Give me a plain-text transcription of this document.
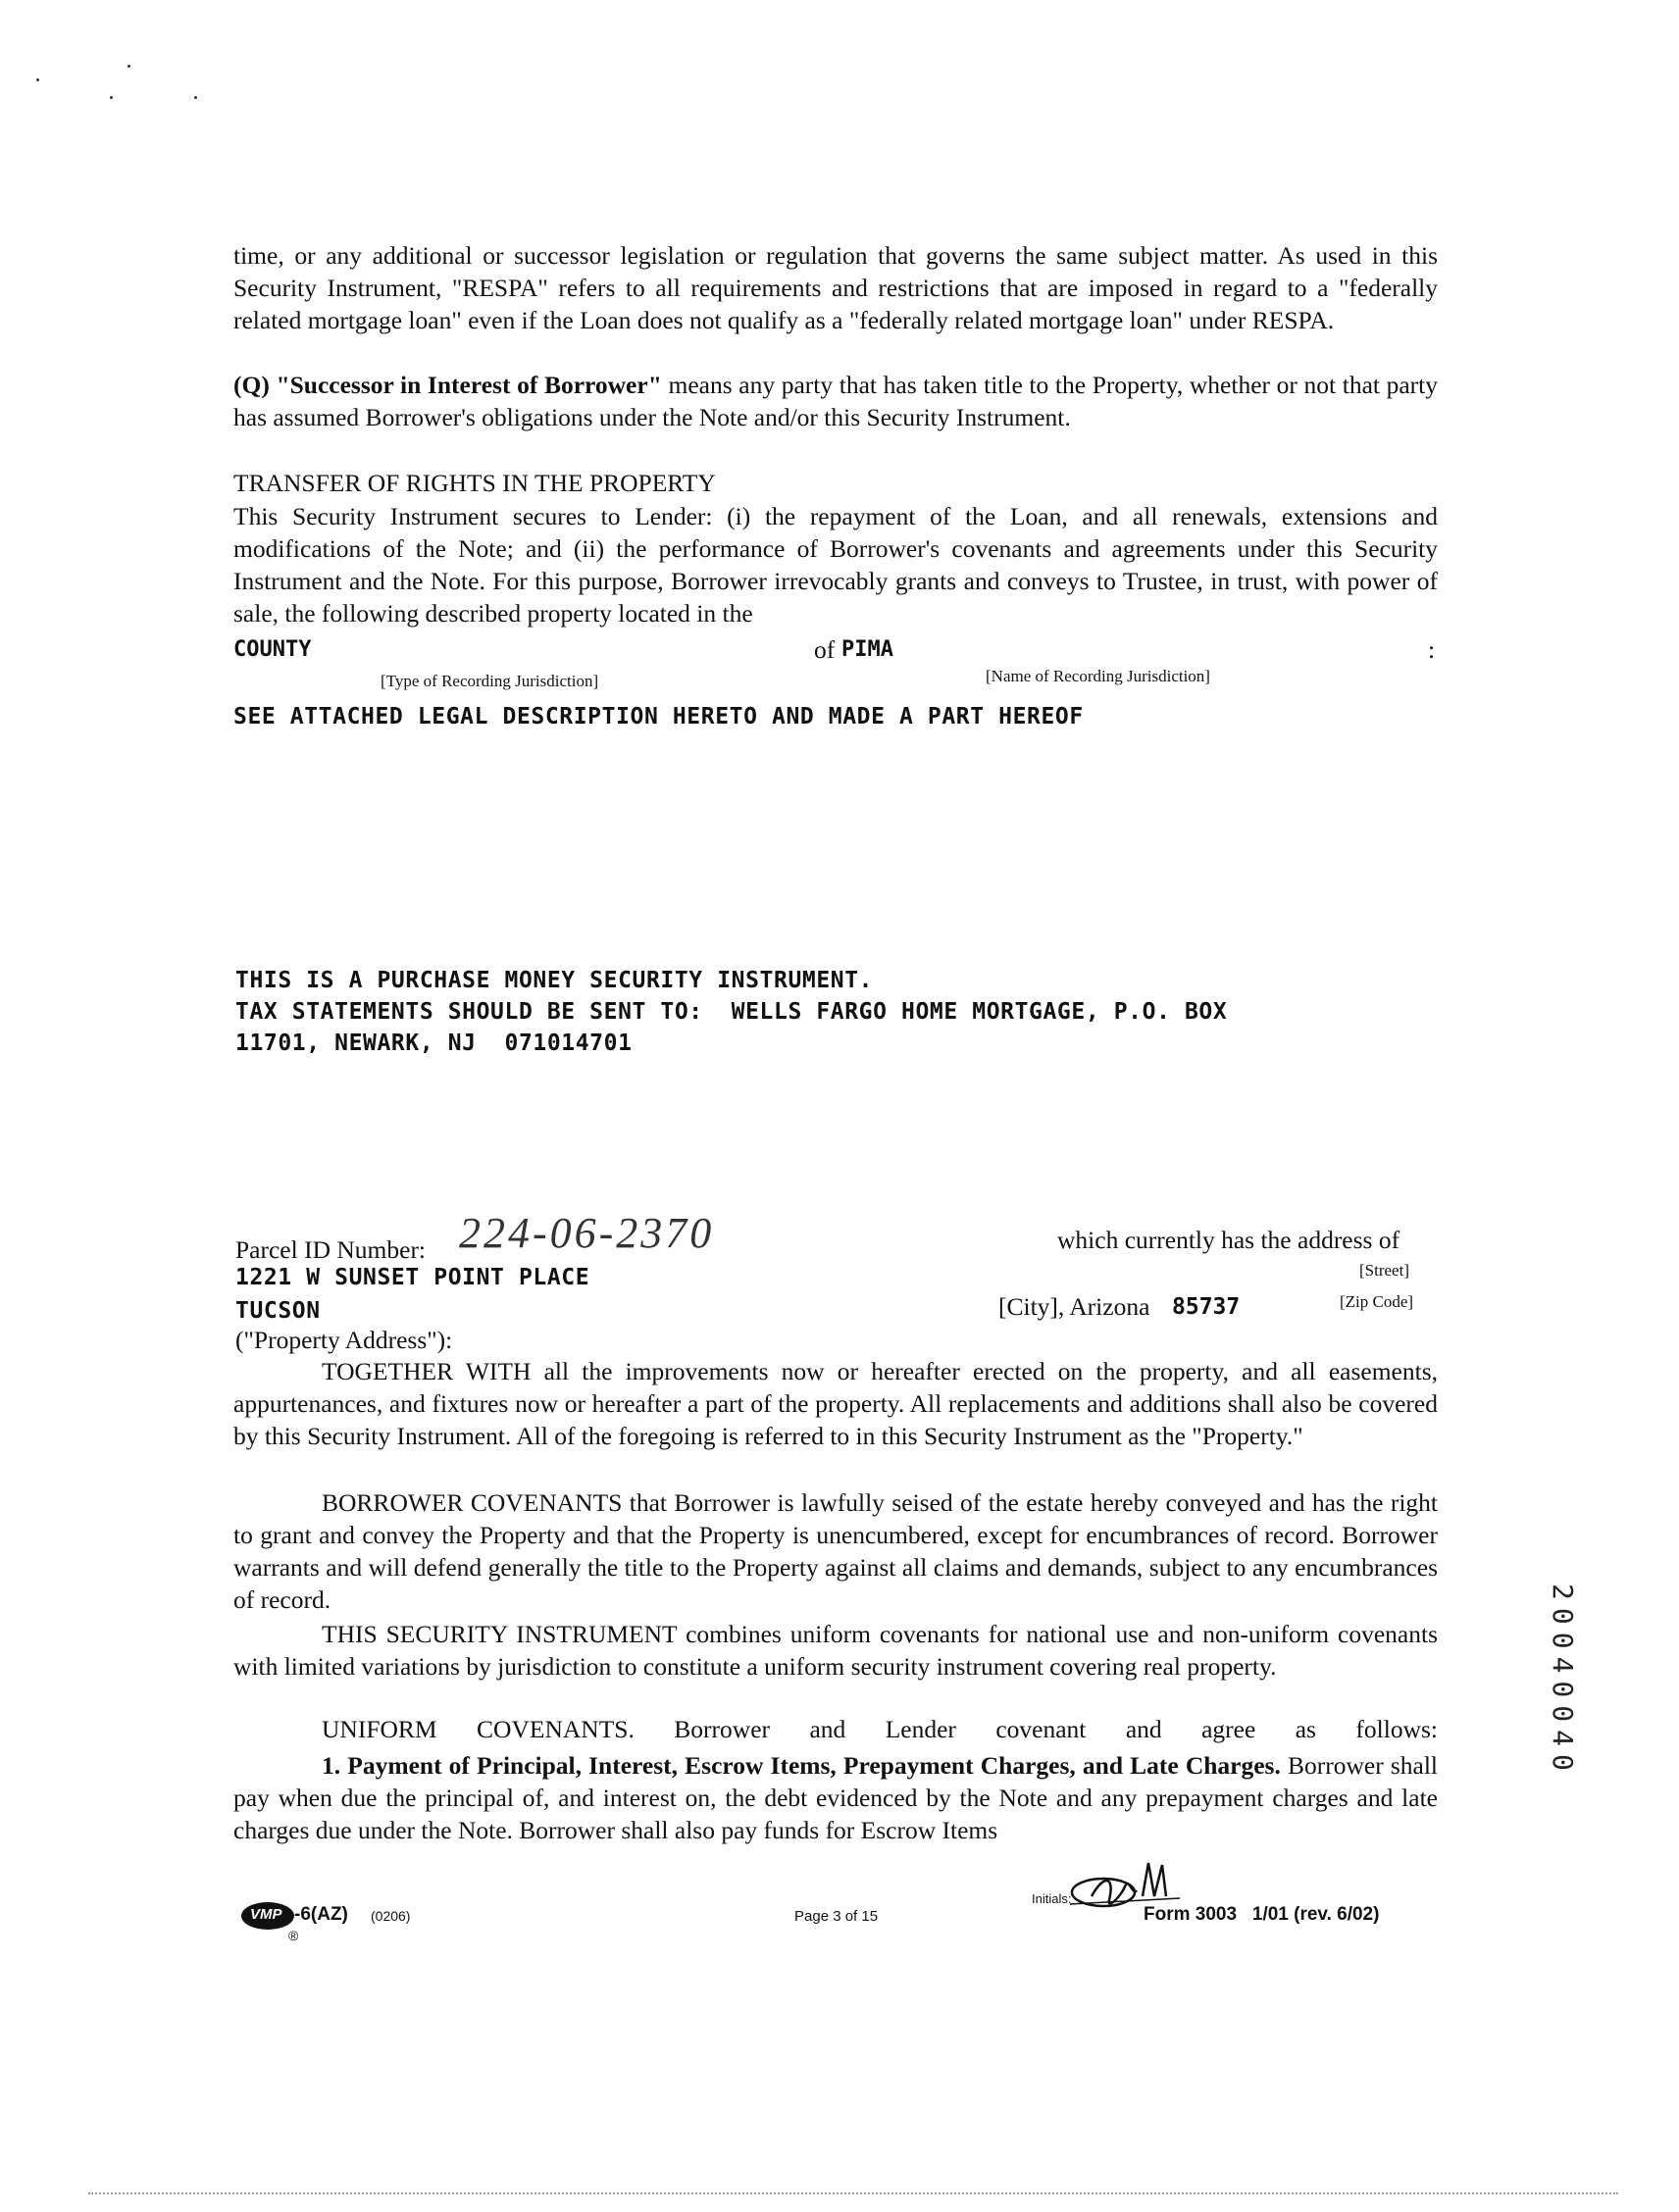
time, or any additional or successor legislation or regulation that governs the same subject matter. As used in this Security Instrument, "RESPA" refers to all requirements and restrictions that are imposed in regard to a "federally related mortgage loan" even if the Loan does not qualify as a "federally related mortgage loan" under RESPA.
(Q) "Successor in Interest of Borrower" means any party that has taken title to the Property, whether or not that party has assumed Borrower's obligations under the Note and/or this Security Instrument.
TRANSFER OF RIGHTS IN THE PROPERTY
This Security Instrument secures to Lender: (i) the repayment of the Loan, and all renewals, extensions and modifications of the Note; and (ii) the performance of Borrower's covenants and agreements under this Security Instrument and the Note. For this purpose, Borrower irrevocably grants and conveys to Trustee, in trust, with power of sale, the following described property located in the
COUNTY	of PIMA	:
[Type of Recording Jurisdiction]	[Name of Recording Jurisdiction]
SEE ATTACHED LEGAL DESCRIPTION HERETO AND MADE A PART HEREOF
THIS IS A PURCHASE MONEY SECURITY INSTRUMENT.
TAX STATEMENTS SHOULD BE SENT TO:  WELLS FARGO HOME MORTGAGE, P.O. BOX
11701, NEWARK, NJ  071014701
Parcel ID Number: 224-06-2370	which currently has the address of
1221 W SUNSET POINT PLACE	[Street]
TUCSON	[City], Arizona 85737	[Zip Code]
("Property Address"):
TOGETHER WITH all the improvements now or hereafter erected on the property, and all easements, appurtenances, and fixtures now or hereafter a part of the property. All replacements and additions shall also be covered by this Security Instrument. All of the foregoing is referred to in this Security Instrument as the "Property."
BORROWER COVENANTS that Borrower is lawfully seised of the estate hereby conveyed and has the right to grant and convey the Property and that the Property is unencumbered, except for encumbrances of record. Borrower warrants and will defend generally the title to the Property against all claims and demands, subject to any encumbrances of record.
THIS SECURITY INSTRUMENT combines uniform covenants for national use and non-uniform covenants with limited variations by jurisdiction to constitute a uniform security instrument covering real property.
UNIFORM COVENANTS. Borrower and Lender covenant and agree as follows:
1. Payment of Principal, Interest, Escrow Items, Prepayment Charges, and Late Charges. Borrower shall pay when due the principal of, and interest on, the debt evidenced by the Note and any prepayment charges and late charges due under the Note. Borrower shall also pay funds for Escrow Items
VMP -6(AZ) (0206)
®
Page 3 of 15
Initials:
Form 3003   1/01 (rev. 6/02)
20040040
